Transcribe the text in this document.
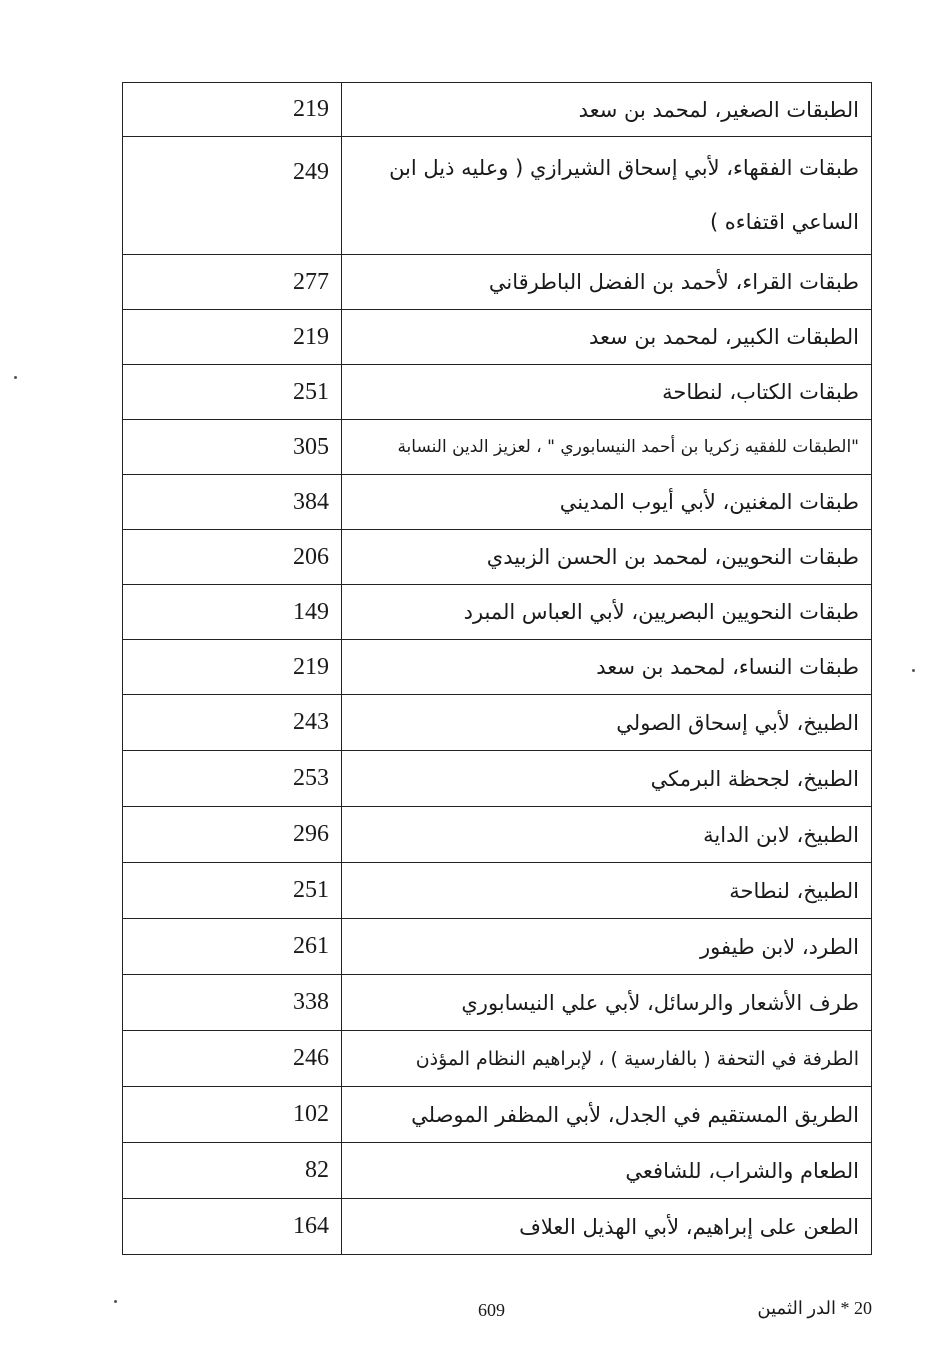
219	الطبقات الصغير، لمحمد بن سعد
249	طبقات الفقهاء، لأبي إسحاق الشيرازي ( وعليه ذيل ابن الساعي اقتفاءه )
277	طبقات القراء، لأحمد بن الفضل الباطرقاني
219	الطبقات الكبير، لمحمد بن سعد
251	طبقات الكتاب، لنطاحة
305	"الطبقات للفقيه زكريا بن أحمد النيسابوري " ، لعزيز الدين النسابة
384	طبقات المغنين، لأبي أيوب المديني
206	طبقات النحويين، لمحمد بن الحسن الزبيدي
149	طبقات النحويين البصريين، لأبي العباس المبرد
219	طبقات النساء، لمحمد بن سعد
243	الطبيخ، لأبي إسحاق الصولي
253	الطبيخ، لجحظة البرمكي
296	الطبيخ، لابن الداية
251	الطبيخ، لنطاحة
261	الطرد، لابن طيفور
338	طرف الأشعار والرسائل، لأبي علي النيسابوري
246	الطرفة في التحفة ( بالفارسية ) ، لإبراهيم النظام المؤذن
102	الطريق المستقيم في الجدل، لأبي المظفر الموصلي
82	الطعام والشراب، للشافعي
164	الطعن على إبراهيم، لأبي الهذيل العلاف
609	20 * الدر الثمين
